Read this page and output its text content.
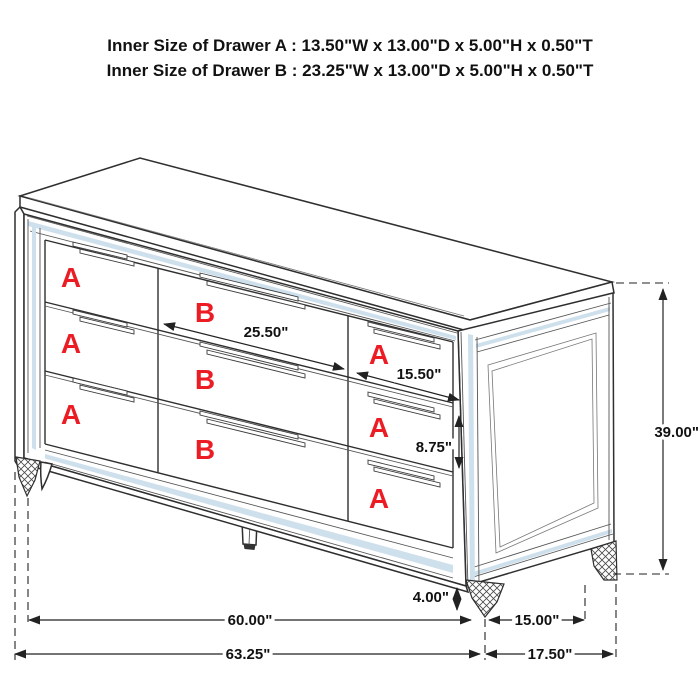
Inner Size of Drawer A : 13.50"W x 13.00"D x 5.00"H x 0.50"T
Inner Size of Drawer B : 23.25"W x 13.00"D x 5.00"H x 0.50"T
A
B
A
A
B
A
A
B
A
25.50"
15.50"
8.75"
39.00"
4.00"
60.00"	15.00"
63.25"	17.50"
